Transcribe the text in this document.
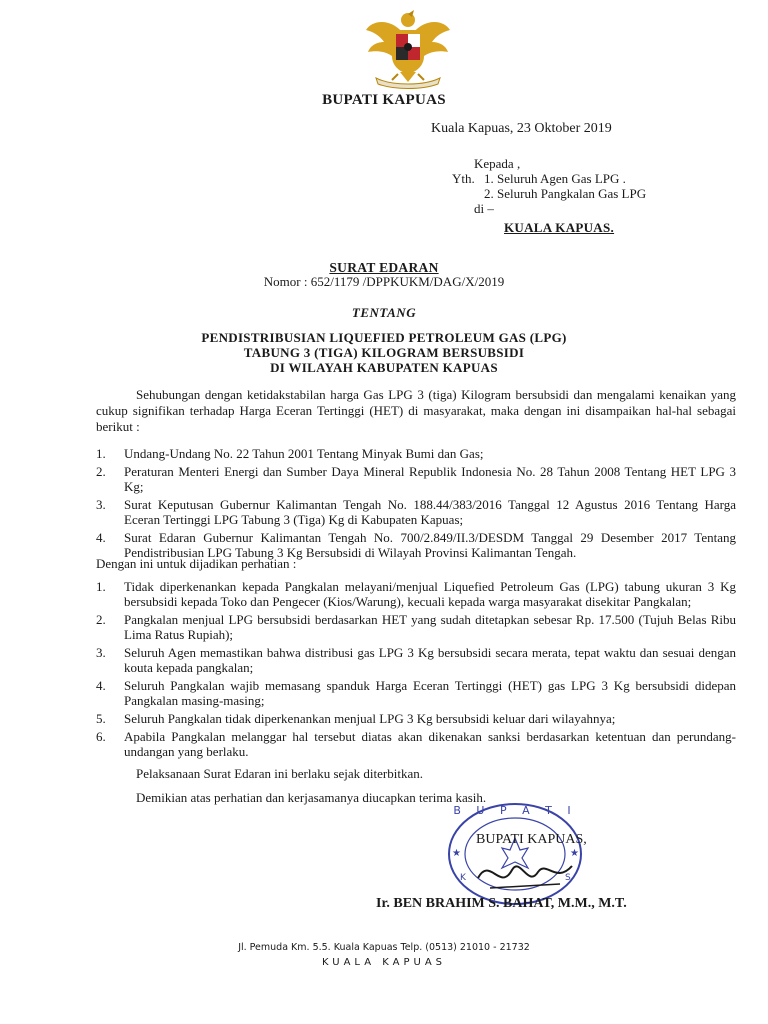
BUPATI KAPUAS
Kuala Kapuas, 23 Oktober 2019
Kepada ,
Yth. 1. Seluruh Agen Gas LPG .
2. Seluruh Pangkalan Gas LPG
di –
KUALA KAPUAS.
SURAT EDARAN
Nomor : 652/1179 /DPPKUKM/DAG/X/2019
TENTANG
PENDISTRIBUSIAN LIQUEFIED PETROLEUM GAS (LPG)
TABUNG 3 (TIGA) KILOGRAM BERSUBSIDI
DI WILAYAH KABUPATEN KAPUAS
Sehubungan dengan ketidakstabilan harga Gas LPG 3 (tiga) Kilogram bersubsidi dan mengalami kenaikan yang cukup signifikan terhadap Harga Eceran Tertinggi (HET) di masyarakat, maka dengan ini disampaikan hal-hal sebagai berikut :
1. Undang-Undang No. 22 Tahun 2001 Tentang Minyak Bumi dan Gas;
2. Peraturan Menteri Energi dan Sumber Daya Mineral Republik Indonesia No. 28 Tahun 2008 Tentang HET LPG 3 Kg;
3. Surat Keputusan Gubernur Kalimantan Tengah No. 188.44/383/2016 Tanggal 12 Agustus 2016 Tentang Harga Eceran Tertinggi LPG Tabung 3 (Tiga) Kg di Kabupaten Kapuas;
4. Surat Edaran Gubernur Kalimantan Tengah No. 700/2.849/II.3/DESDM Tanggal 29 Desember 2017 Tentang Pendistribusian LPG Tabung 3 Kg Bersubsidi di Wilayah Provinsi Kalimantan Tengah.
Dengan ini untuk dijadikan perhatian :
1. Tidak diperkenankan kepada Pangkalan melayani/menjual Liquefied Petroleum Gas (LPG) tabung ukuran 3 Kg bersubsidi kepada Toko dan Pengecer (Kios/Warung), kecuali kepada warga masyarakat disekitar Pangkalan;
2. Pangkalan menjual LPG bersubsidi berdasarkan HET yang sudah ditetapkan sebesar Rp. 17.500 (Tujuh Belas Ribu Lima Ratus Rupiah);
3. Seluruh Agen memastikan bahwa distribusi gas LPG 3 Kg bersubsidi secara merata, tepat waktu dan sesuai dengan kouta kepada pangkalan;
4. Seluruh Pangkalan wajib memasang spanduk Harga Eceran Tertinggi (HET) gas LPG 3 Kg bersubsidi didepan Pangkalan masing-masing;
5. Seluruh Pangkalan tidak diperkenankan menjual LPG 3 Kg bersubsidi keluar dari wilayahnya;
6. Apabila Pangkalan melanggar hal tersebut diatas akan dikenakan sanksi berdasarkan ketentuan dan perundang-undangan yang berlaku.
Pelaksanaan Surat Edaran ini berlaku sejak diterbitkan.
Demikian atas perhatian dan kerjasamanya diucapkan terima kasih.
B U P A T I
K	S
★	★
BUPATI KAPUAS,
Ir. BEN BRAHIM S. BAHAT, M.M., M.T.
Jl. Pemuda Km. 5.5. Kuala Kapuas Telp. (0513) 21010 - 21732
KUALA KAPUAS
